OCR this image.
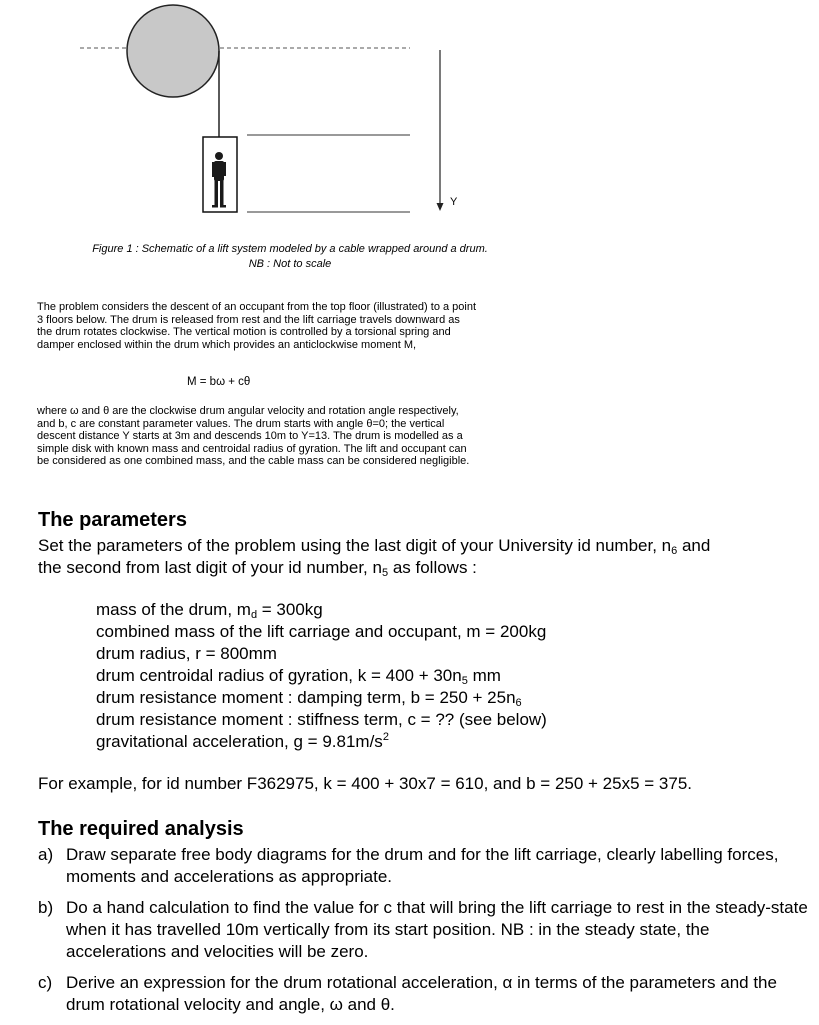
Y
Figure 1 : Schematic of a lift system modeled by a cable wrapped around a drum.
NB : Not to scale

The problem considers the descent of an occupant from the top floor (illustrated) to a point

3 floors below. The drum is released from rest and the lift carriage travels downward as

the drum rotates clockwise. The vertical motion is controlled by a torsional spring and

damper enclosed within the drum which provides an anticlockwise moment M,

M = bω + cθ

where ω and θ are the clockwise drum angular velocity and rotation angle respectively,

and b, c are constant parameter values. The drum starts with angle θ=0; the vertical

descent distance Y starts at 3m and descends 10m to Y=13. The drum is modelled as a

simple disk with known mass and centroidal radius of gyration. The lift and occupant can

be considered as one combined mass, and the cable mass can be considered negligible.

The parameters

Set the parameters of the problem using the last digit of your University id number, $n_6$ and

the second from last digit of your id number, $n_5$ as follows :

mass of the drum, $m_d = 300kg$
combined mass of the lift carriage and occupant, m = 200kg
drum radius, r = 800mm
drum centroidal radius of gyration, $k = 400 + 30n_5$ mm
drum resistance moment : damping term, $b = 250 + 25n_6$
drum resistance moment : stiffness term, c = ?? (see below)
gravitational acceleration, $g = 9.81m/s^2$
For example, for id number F362975, k = 400 + 30x7 = 610, and b = 250 + 25x5 = 375.
The required analysis
a) Draw separate free body diagrams for the drum and for the lift carriage, clearly labelling forces, moments and accelerations as appropriate.
b) Do a hand calculation to find the value for c that will bring the lift carriage to rest in the steady-state when it has travelled 10m vertically from its start position. NB : in the steady state, the accelerations and velocities will be zero.
c) Derive an expression for the drum rotational acceleration, α in terms of the parameters and the drum rotational velocity and angle, ω and θ.
